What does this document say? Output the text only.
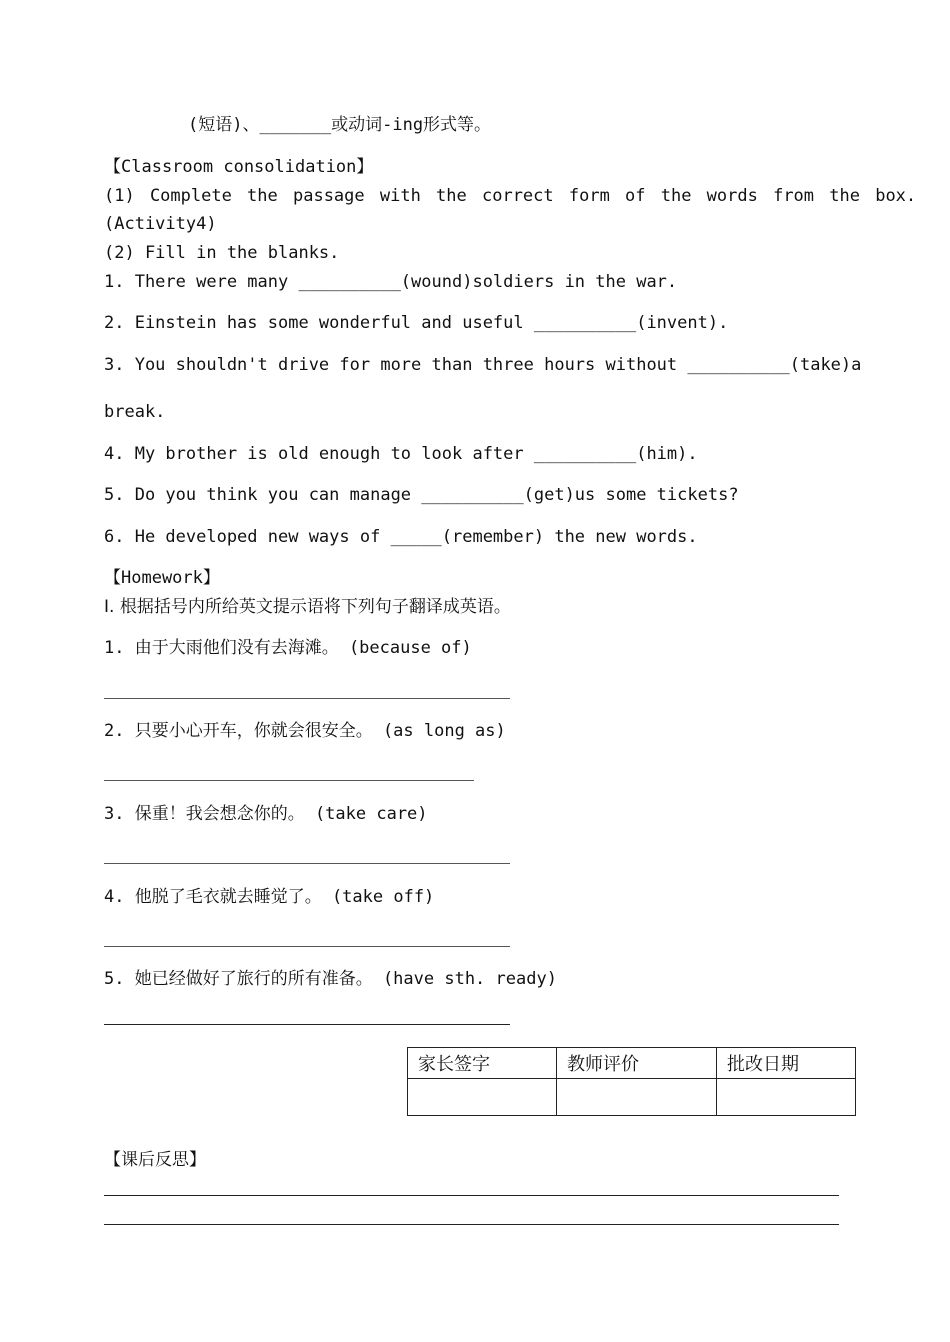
(短语)、_______或动词-ing形式等。
【Classroom consolidation】
(1) Complete the passage with the correct form of the words from the box.
(Activity4)
(2) Fill in the blanks.
1. There were many __________(wound)soldiers in the war.
2. Einstein has some wonderful and useful __________(invent).
3. You shouldn't drive for more than three hours without __________(take)a
break.
4. My brother is old enough to look after __________(him).
5. Do you think you can manage __________(get)us some tickets?
6. He developed new ways of _____(remember) the new words.
【Homework】
Ⅰ. 根据括号内所给英文提示语将下列句子翻译成英语。
1. 由于大雨他们没有去海滩。 (because of)
2. 只要小心开车，你就会很安全。 (as long as)
3. 保重！我会想念你的。 (take care)
4. 他脱了毛衣就去睡觉了。 (take off)
5. 她已经做好了旅行的所有准备。 (have sth. ready)
家长签字	教师评价	批改日期

【课后反思】
